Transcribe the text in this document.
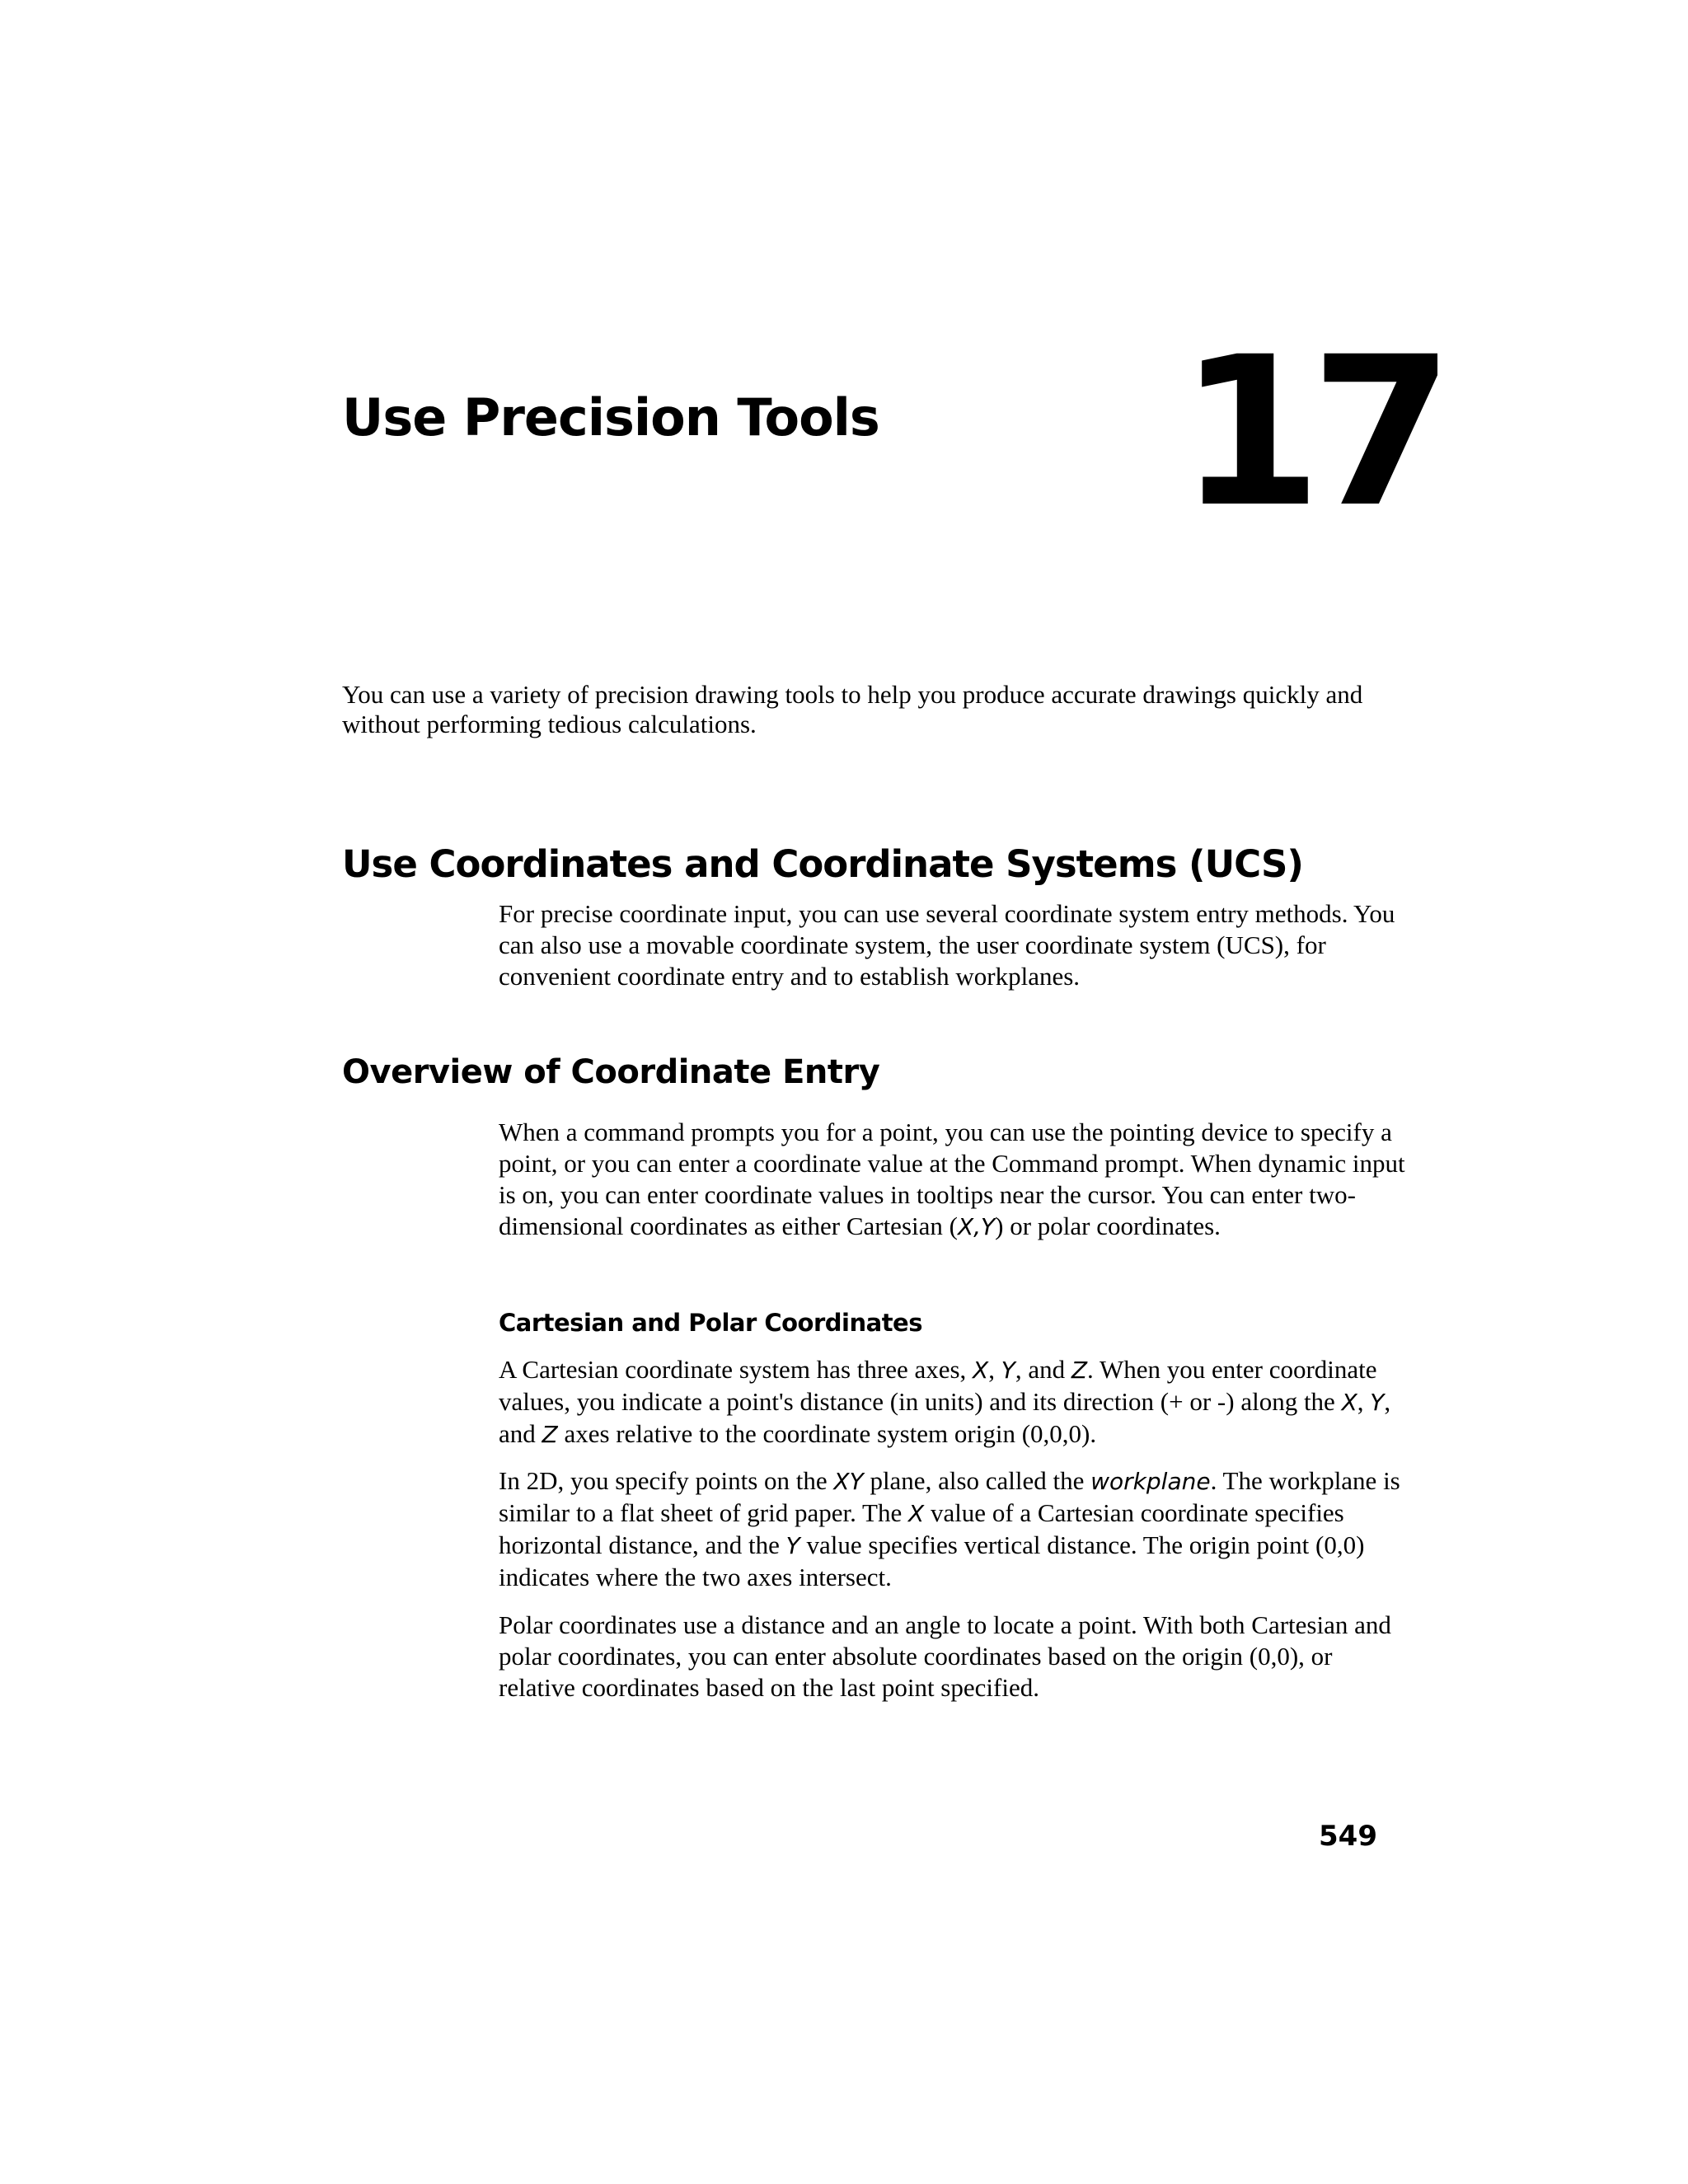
Use Precision Tools 17

You can use a variety of precision drawing tools to help you produce accurate drawings quickly and without performing tedious calculations.

Use Coordinates and Coordinate Systems (UCS)

For precise coordinate input, you can use several coordinate system entry methods. You can also use a movable coordinate system, the user coordinate system (UCS), for convenient coordinate entry and to establish workplanes.

Overview of Coordinate Entry

When a command prompts you for a point, you can use the pointing device to specify a point, or you can enter a coordinate value at the Command prompt. When dynamic input is on, you can enter coordinate values in tooltips near the cursor. You can enter two-dimensional coordinates as either Cartesian (X,Y) or polar coordinates.

Cartesian and Polar Coordinates

A Cartesian coordinate system has three axes, X, Y, and Z. When you enter coordinate values, you indicate a point's distance (in units) and its direction (+ or -) along the X, Y, and Z axes relative to the coordinate system origin (0,0,0).

In 2D, you specify points on the XY plane, also called the workplane. The workplane is similar to a flat sheet of grid paper. The X value of a Cartesian coordinate specifies horizontal distance, and the Y value specifies vertical distance. The origin point (0,0) indicates where the two axes intersect.

Polar coordinates use a distance and an angle to locate a point. With both Cartesian and polar coordinates, you can enter absolute coordinates based on the origin (0,0), or relative coordinates based on the last point specified.

549
